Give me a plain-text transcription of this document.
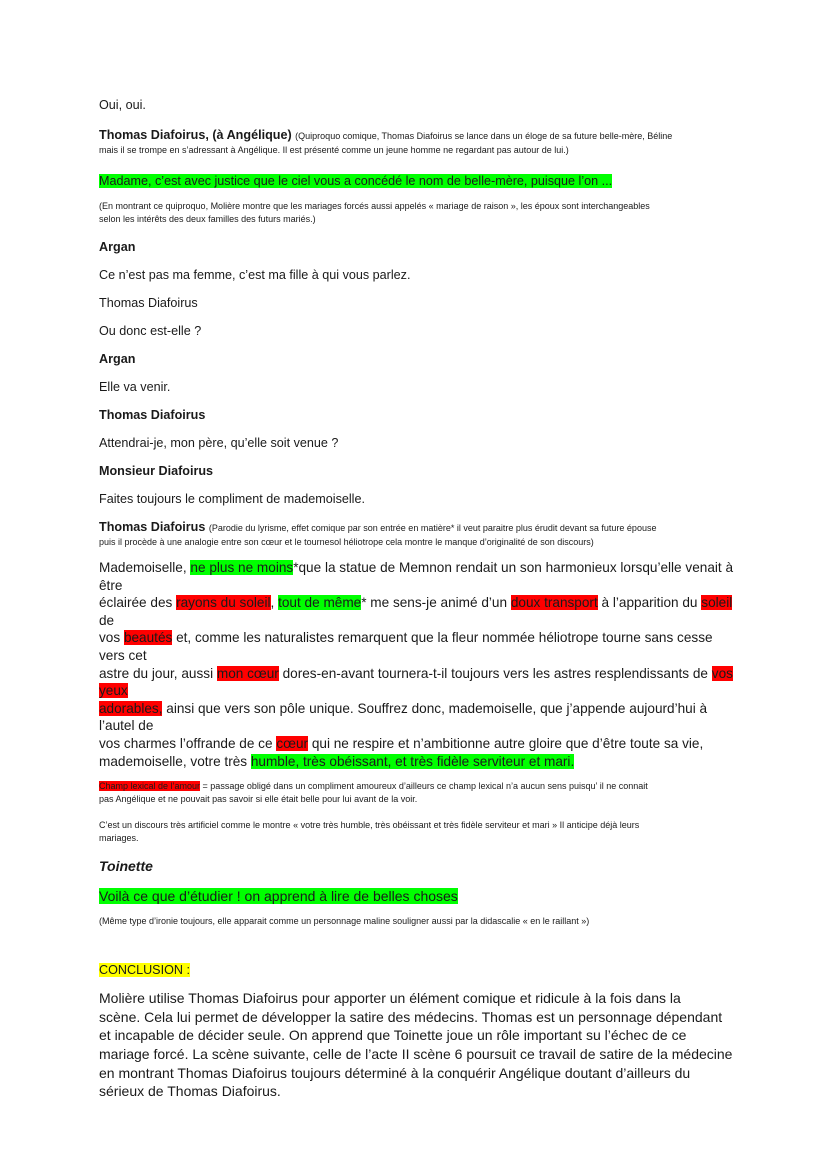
Oui, oui.

Thomas Diafoirus, (à Angélique) (Quiproquo comique, Thomas Diafoirus se lance dans un éloge de sa future belle-mère, Béline

mais il se trompe en s’adressant à Angélique. Il est présenté comme un jeune homme ne regardant pas autour de lui.)

Madame, c’est avec justice que le ciel vous a concédé le nom de belle-mère, puisque l’on ...

(En montrant ce quiproquo, Molière montre que les mariages forcés aussi appelés « mariage de raison », les époux sont interchangeables

selon les intérêts des deux familles des futurs mariés.)

Argan

Ce n’est pas ma femme, c’est ma fille à qui vous parlez.

Thomas Diafoirus

Ou donc est-elle ?

Argan

Elle va venir.

Thomas Diafoirus

Attendrai-je, mon père, qu’elle soit venue ?

Monsieur Diafoirus

Faites toujours le compliment de mademoiselle.

Thomas Diafoirus (Parodie du lyrisme, effet comique par son entrée en matière* il veut paraitre plus érudit devant sa future épouse

puis il procède à une analogie entre son cœur et le tournesol héliotrope cela montre le manque d’originalité de son discours)

Mademoiselle, ne plus ne moins*que la statue de Memnon rendait un son harmonieux lorsqu’elle venait à être

éclairée des rayons du soleil, tout de même* me sens-je animé d’un doux transport à l’apparition du soleil de

vos beautés et, comme les naturalistes remarquent que la fleur nommée héliotrope tourne sans cesse vers cet

astre du jour, aussi mon cœur dores-en-avant tournera-t-il toujours vers les astres resplendissants de vos yeux

adorables, ainsi que vers son pôle unique. Souffrez donc, mademoiselle, que j’appende aujourd’hui à l’autel de

vos charmes l’offrande de ce cœur qui ne respire et n’ambitionne autre gloire que d’être toute sa vie,

mademoiselle, votre très humble, très obéissant, et très fidèle serviteur et mari.

Champ lexical de l’amour = passage obligé dans un compliment amoureux d’ailleurs ce champ lexical n’a aucun sens puisqu’ il ne connait

pas Angélique et ne pouvait pas savoir si elle était belle pour lui avant de la voir.

C’est un discours très artificiel comme le montre « votre très humble, très obéissant et très fidèle serviteur et mari » Il anticipe déjà leurs

mariages.

Toinette

Voilà ce que d’étudier ! on apprend à lire de belles choses

(Même type d’ironie toujours, elle apparait comme un personnage maline souligner aussi par la didascalie « en le raillant »)

CONCLUSION :

Molière utilise Thomas Diafoirus pour apporter un élément comique et ridicule à la fois dans la

scène. Cela lui permet de développer la satire des médecins. Thomas est un personnage dépendant

et incapable de décider seule. On apprend que Toinette joue un rôle important su l’échec de ce

mariage forcé. La scène suivante, celle de l’acte II scène 6 poursuit ce travail de satire de la médecine

en montrant Thomas Diafoirus toujours déterminé à la conquérir Angélique doutant d’ailleurs du

sérieux de Thomas Diafoirus.
